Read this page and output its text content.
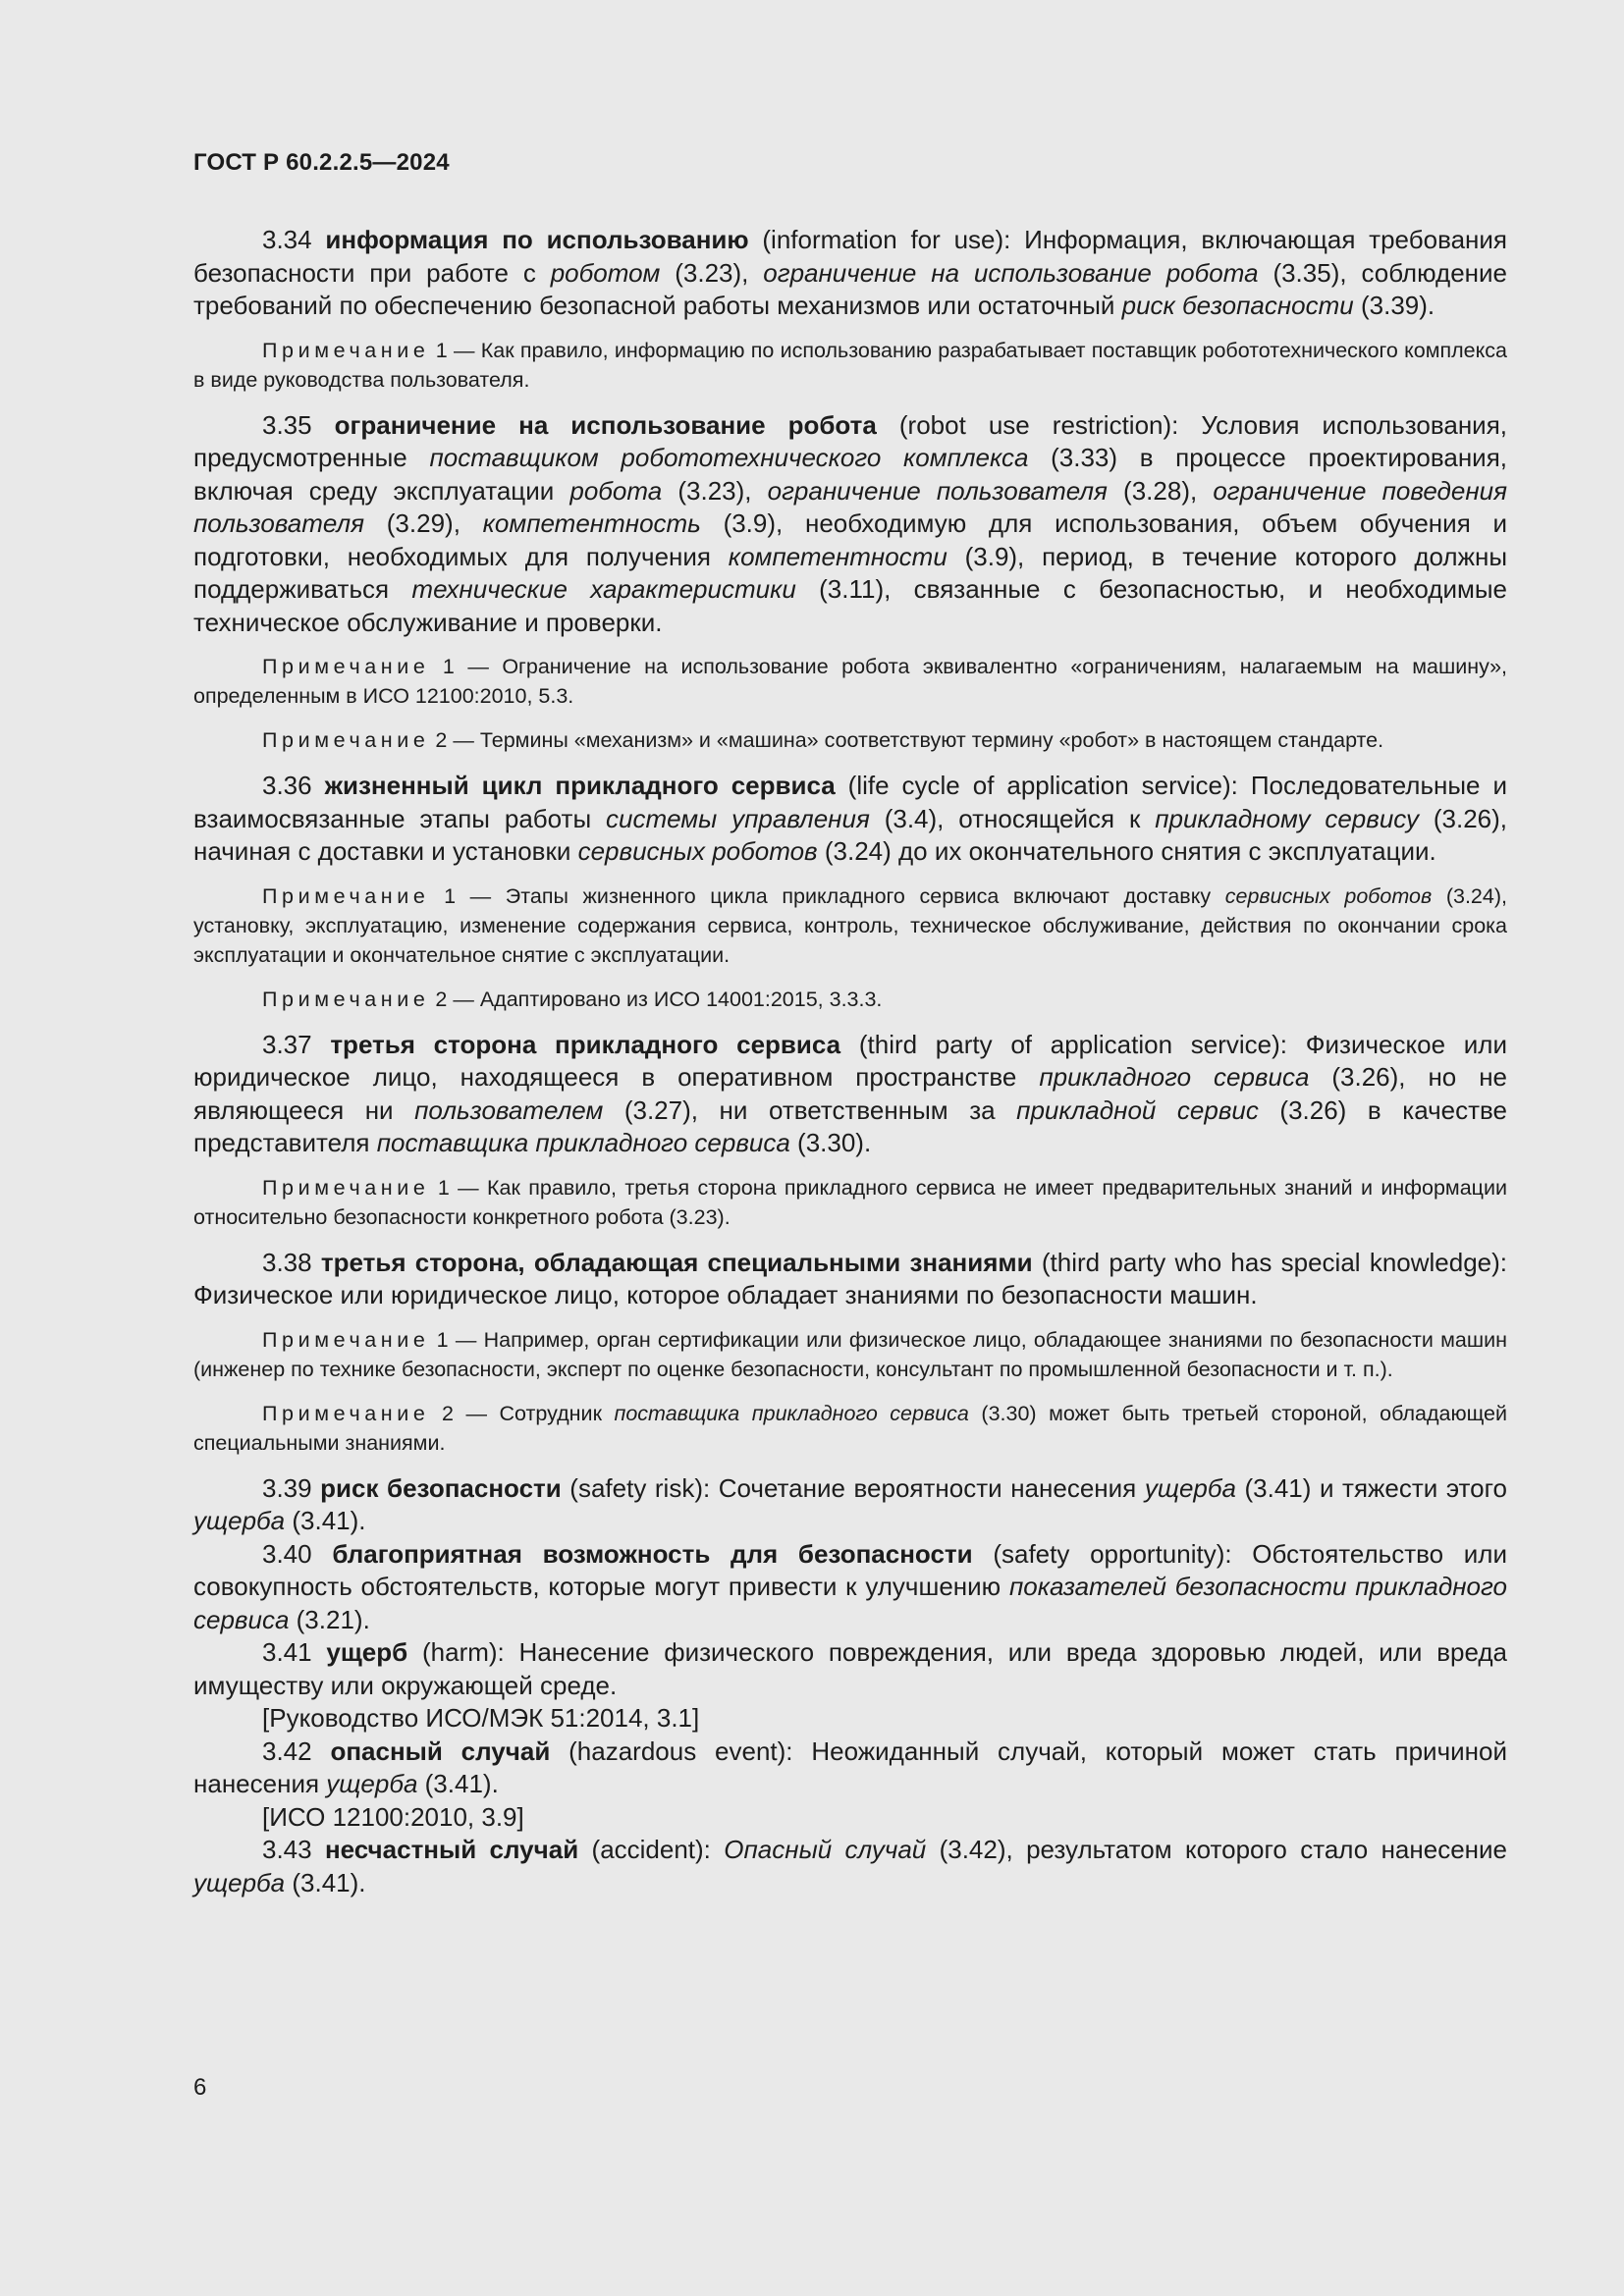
ГОСТ Р 60.2.2.5—2024

3.34 информация по использованию (information for use): Информация, включающая требования безопасности при работе с роботом (3.23), ограничение на использование робота (3.35), соблюдение требований по обеспечению безопасной работы механизмов или остаточный риск безопасности (3.39).

Примечание 1 — Как правило, информацию по использованию разрабатывает поставщик робототехнического комплекса в виде руководства пользователя.

3.35 ограничение на использование робота (robot use restriction): Условия использования, предусмотренные поставщиком робототехнического комплекса (3.33) в процессе проектирования, включая среду эксплуатации робота (3.23), ограничение пользователя (3.28), ограничение поведения пользователя (3.29), компетентность (3.9), необходимую для использования, объем обучения и подготовки, необходимых для получения компетентности (3.9), период, в течение которого должны поддерживаться технические характеристики (3.11), связанные с безопасностью, и необходимые техническое обслуживание и проверки.

Примечание 1 — Ограничение на использование робота эквивалентно «ограничениям, налагаемым на машину», определенным в ИСО 12100:2010, 5.3.

Примечание 2 — Термины «механизм» и «машина» соответствуют термину «робот» в настоящем стандарте.

3.36 жизненный цикл прикладного сервиса (life cycle of application service): Последовательные и взаимосвязанные этапы работы системы управления (3.4), относящейся к прикладному сервису (3.26), начиная с доставки и установки сервисных роботов (3.24) до их окончательного снятия с эксплуатации.

Примечание 1 — Этапы жизненного цикла прикладного сервиса включают доставку сервисных роботов (3.24), установку, эксплуатацию, изменение содержания сервиса, контроль, техническое обслуживание, действия по окончании срока эксплуатации и окончательное снятие с эксплуатации.

Примечание 2 — Адаптировано из ИСО 14001:2015, 3.3.3.

3.37 третья сторона прикладного сервиса (third party of application service): Физическое или юридическое лицо, находящееся в оперативном пространстве прикладного сервиса (3.26), но не являющееся ни пользователем (3.27), ни ответственным за прикладной сервис (3.26) в качестве представителя поставщика прикладного сервиса (3.30).

Примечание 1 — Как правило, третья сторона прикладного сервиса не имеет предварительных знаний и информации относительно безопасности конкретного робота (3.23).

3.38 третья сторона, обладающая специальными знаниями (third party who has special knowledge): Физическое или юридическое лицо, которое обладает знаниями по безопасности машин.

Примечание 1 — Например, орган сертификации или физическое лицо, обладающее знаниями по безопасности машин (инженер по технике безопасности, эксперт по оценке безопасности, консультант по промышленной безопасности и т. п.).

Примечание 2 — Сотрудник поставщика прикладного сервиса (3.30) может быть третьей стороной, обладающей специальными знаниями.

3.39 риск безопасности (safety risk): Сочетание вероятности нанесения ущерба (3.41) и тяжести этого ущерба (3.41).

3.40 благоприятная возможность для безопасности (safety opportunity): Обстоятельство или совокупность обстоятельств, которые могут привести к улучшению показателей безопасности прикладного сервиса (3.21).

3.41 ущерб (harm): Нанесение физического повреждения, или вреда здоровью людей, или вреда имуществу или окружающей среде.

[Руководство ИСО/МЭК 51:2014, 3.1]

3.42 опасный случай (hazardous event): Неожиданный случай, который может стать причиной нанесения ущерба (3.41).

[ИСО 12100:2010, 3.9]

3.43 несчастный случай (accident): Опасный случай (3.42), результатом которого стало нанесение ущерба (3.41).

6
